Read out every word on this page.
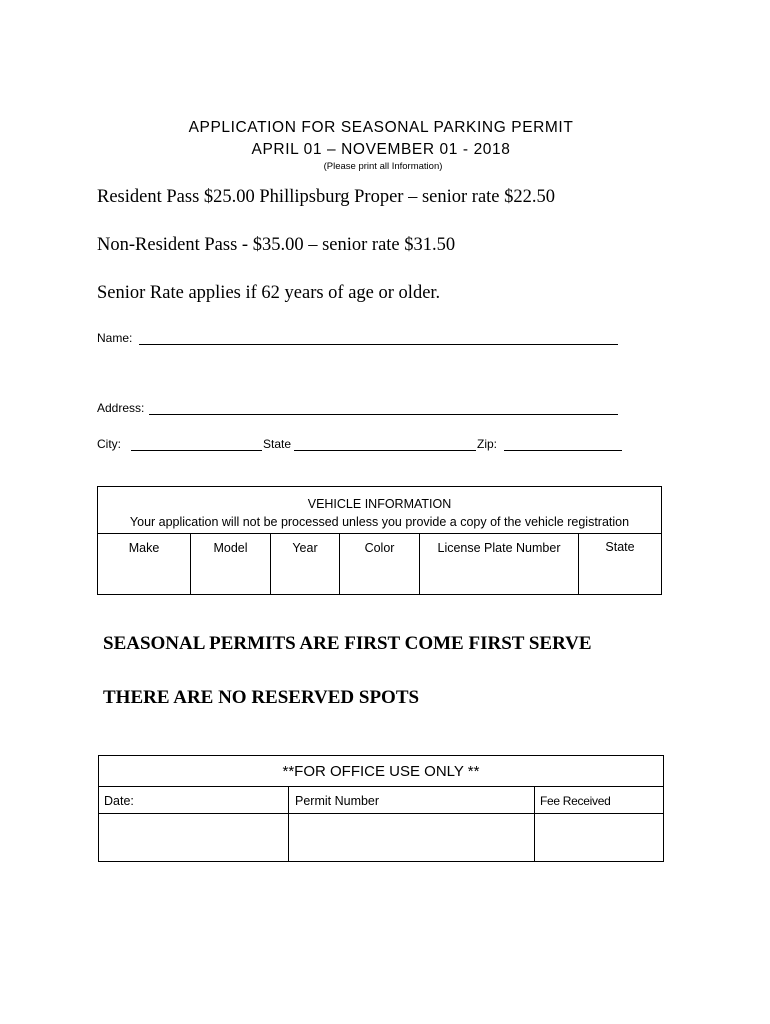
APPLICATION FOR SEASONAL PARKING PERMIT
APRIL 01 – NOVEMBER 01 - 2018
(Please print all Information)
Resident Pass $25.00 Phillipsburg Proper – senior rate $22.50
Non-Resident Pass - $35.00 – senior rate $31.50
Senior Rate applies if 62 years of age or older.
Name:
Address:
City:	State	Zip:
VEHICLE INFORMATION
Your application will not be processed unless you provide a copy of the vehicle registration
Make	Model	Year	Color	License Plate Number	State
SEASONAL PERMITS ARE FIRST COME FIRST SERVE
THERE ARE NO RESERVED SPOTS
**FOR OFFICE USE ONLY **
Date:	Permit Number	Fee Received
